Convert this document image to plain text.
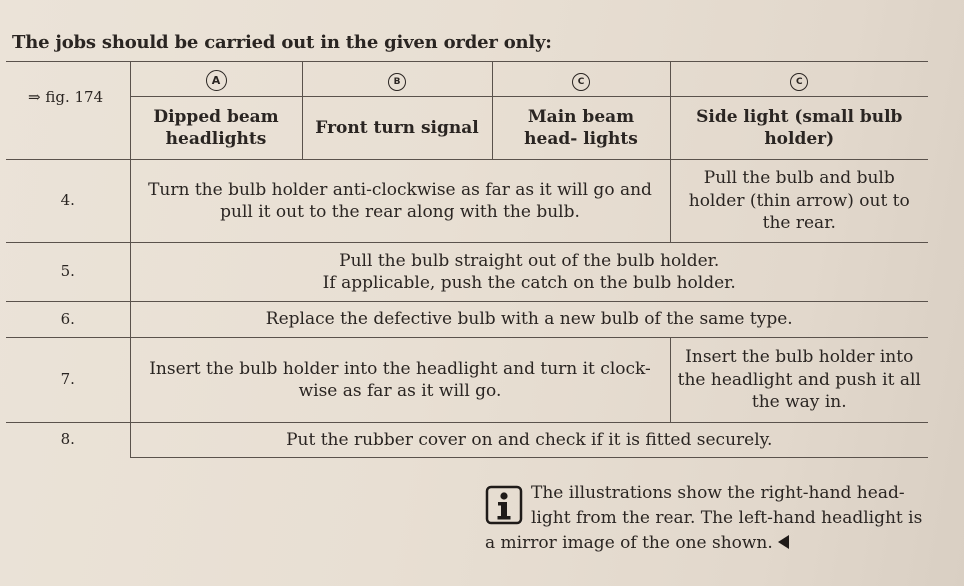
The jobs should be carried out in the given order only:
⇒ fig. 174	A	B	C	C
	Dipped beam headlights	Front turn signal	Main beam head- lights	Side light (small bulb holder)
4.	Turn the bulb holder anti-clockwise as far as it will go and pull it out to the rear along with the bulb.			Pull the bulb and bulb holder (thin arrow) out to the rear.
5.	Pull the bulb straight out of the bulb holder.
If applicable, push the catch on the bulb holder.			

6.	Replace the defective bulb with a new bulb of the same type.			
7.	Insert the bulb holder into the headlight and turn it clock- wise as far as it will go.			Insert the bulb holder into the headlight and push it all the way in.
8.	Put the rubber cover on and check if it is fitted securely.			
The illustrations show the right-hand head- light from the rear. The left-hand headlight is a mirror image of the one shown.
